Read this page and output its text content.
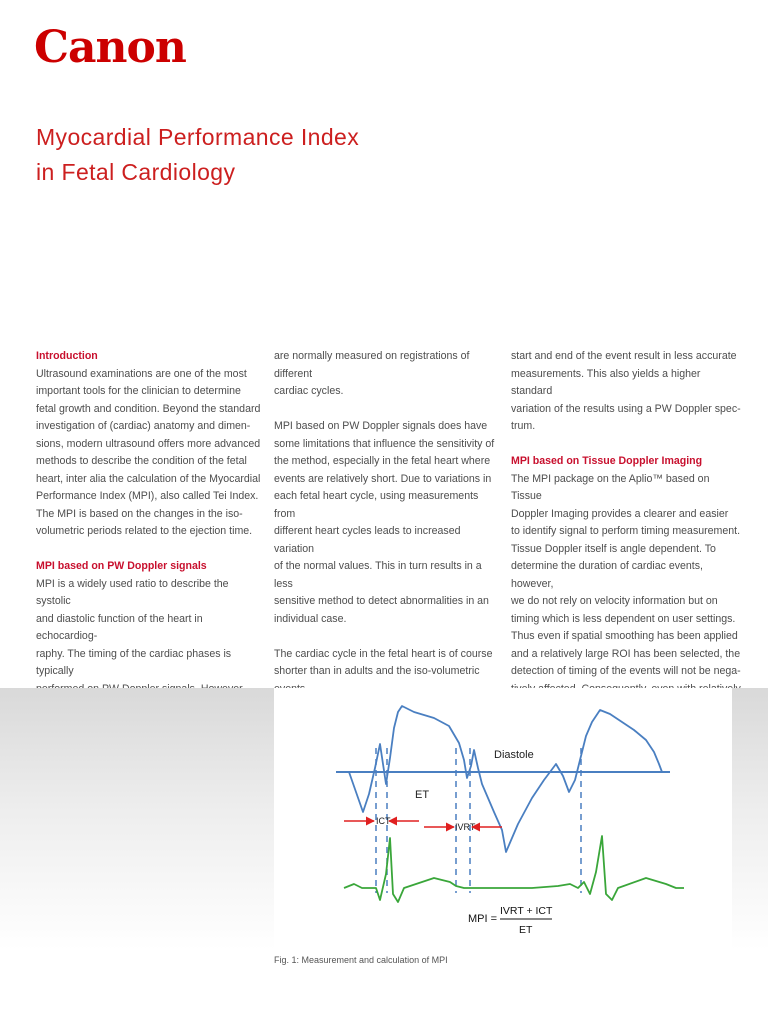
Canon
Myocardial Performance Index
in Fetal Cardiology
Introduction

Ultrasound examinations are one of the most

important tools for the clinician to determine

fetal growth and condition. Beyond the standard

investigation of (cardiac) anatomy and dimen-

sions, modern ultrasound offers more advanced

methods to describe the condition of the fetal

heart, inter alia the calculation of the Myocardial

Performance Index (MPI), also called Tei Index.

The MPI is based on the changes in the iso-

volumetric periods related to the ejection time.

MPI based on PW Doppler signals

MPI is a widely used ratio to describe the systolic

and diastolic function of the heart in echocardiog-

raphy. The timing of the cardiac phases is typically

are normally measured on registrations of different

cardiac cycles.

MPI based on PW Doppler signals does have

some limitations that influence the sensitivity of

the method, especially in the fetal heart where

events are relatively short. Due to variations in

each fetal heart cycle, using measurements from

different heart cycles leads to increased variation

of the normal values. This in turn results in a less

sensitive method to detect abnormalities in an

individual case.

The cardiac cycle in the fetal heart is of course

shorter than in adults and the iso-volumetric

start and end of the event result in less accurate

measurements. This also yields a higher standard

variation of the results using a PW Doppler spec-

trum.

MPI based on Tissue Doppler Imaging

The MPI package on the Aplio™ based on Tissue

Doppler Imaging provides a clearer and easier

to identify signal to perform timing measurement.

Tissue Doppler itself is angle dependent. To

determine the duration of cardiac events, however,

we do not rely on velocity information but on

timing which is less dependent on user settings.

Thus even if spatial smoothing has been applied

and a relatively large ROI has been selected, the

detection of timing of the events will not be nega-

Diastole
ET
ICT
IVRT
MPI =
IVRT + ICT
ET

Fig. 1: Measurement and calculation of MPI
